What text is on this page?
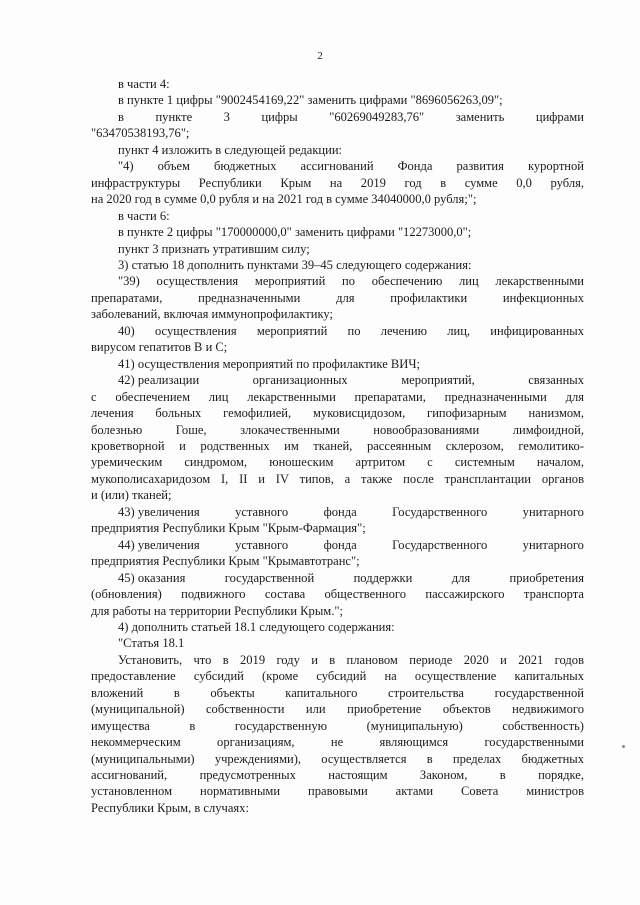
2
в части 4:
в пункте 1 цифры "9002454169,22" заменить цифрами "8696056263,09";
в	пункте	3	цифры	"60269049283,76"	заменить	цифрами
"63470538193,76";
пункт 4 изложить в следующей редакции:
"4) объем бюджетных ассигнований Фонда развития курортной
инфраструктуры Республики Крым на 2019 год в сумме 0,0 рубля,
на 2020 год в сумме 0,0 рубля и на 2021 год в сумме 34040000,0 рубля;";
в части 6:
в пункте 2 цифры "170000000,0" заменить цифрами "12273000,0";
пункт 3 признать утратившим силу;
3) статью 18 дополнить пунктами 39–45 следующего содержания:
"39) осуществления мероприятий по обеспечению лиц лекарственными
препаратами, предназначенными для профилактики инфекционных
заболеваний, включая иммунопрофилактику;
40) осуществления мероприятий по лечению лиц, инфицированных
вирусом гепатитов В и С;
41) осуществления мероприятий по профилактике ВИЧ;
42) реализации	организационных	мероприятий,	связанных
с обеспечением лиц лекарственными препаратами, предназначенными для
лечения больных гемофилией, муковисцидозом, гипофизарным нанизмом,
болезнью Гоше, злокачественными новообразованиями лимфоидной,
кроветворной и родственных им тканей, рассеянным склерозом, гемолитико-
уремическим синдромом, юношеским артритом с системным началом,
мукополисахаридозом I, II и IV типов, а также после трансплантации органов
и (или) тканей;
43) увеличения	уставного	фонда	Государственного	унитарного
предприятия Республики Крым "Крым-Фармация";
44) увеличения	уставного	фонда	Государственного	унитарного
предприятия Республики Крым "Крымавтотранс";
45) оказания	государственной	поддержки	для	приобретения
(обновления) подвижного состава общественного пассажирского транспорта
для работы на территории Республики Крым.";
4) дополнить статьей 18.1 следующего содержания:
"Статья 18.1
Установить, что в 2019 году и в плановом периоде 2020 и 2021 годов
предоставление субсидий (кроме субсидий на осуществление капитальных
вложений в объекты капитального строительства государственной
(муниципальной) собственности или приобретение объектов недвижимого
имущества	в	государственную	(муниципальную)	собственность)
некоммерческим	организациям,	не	являющимся	государственными
(муниципальными) учреждениями), осуществляется в пределах бюджетных
ассигнований,	предусмотренных	настоящим	Законом,	в	порядке,
установленном нормативными правовыми актами Совета министров
Республики Крым, в случаях:
